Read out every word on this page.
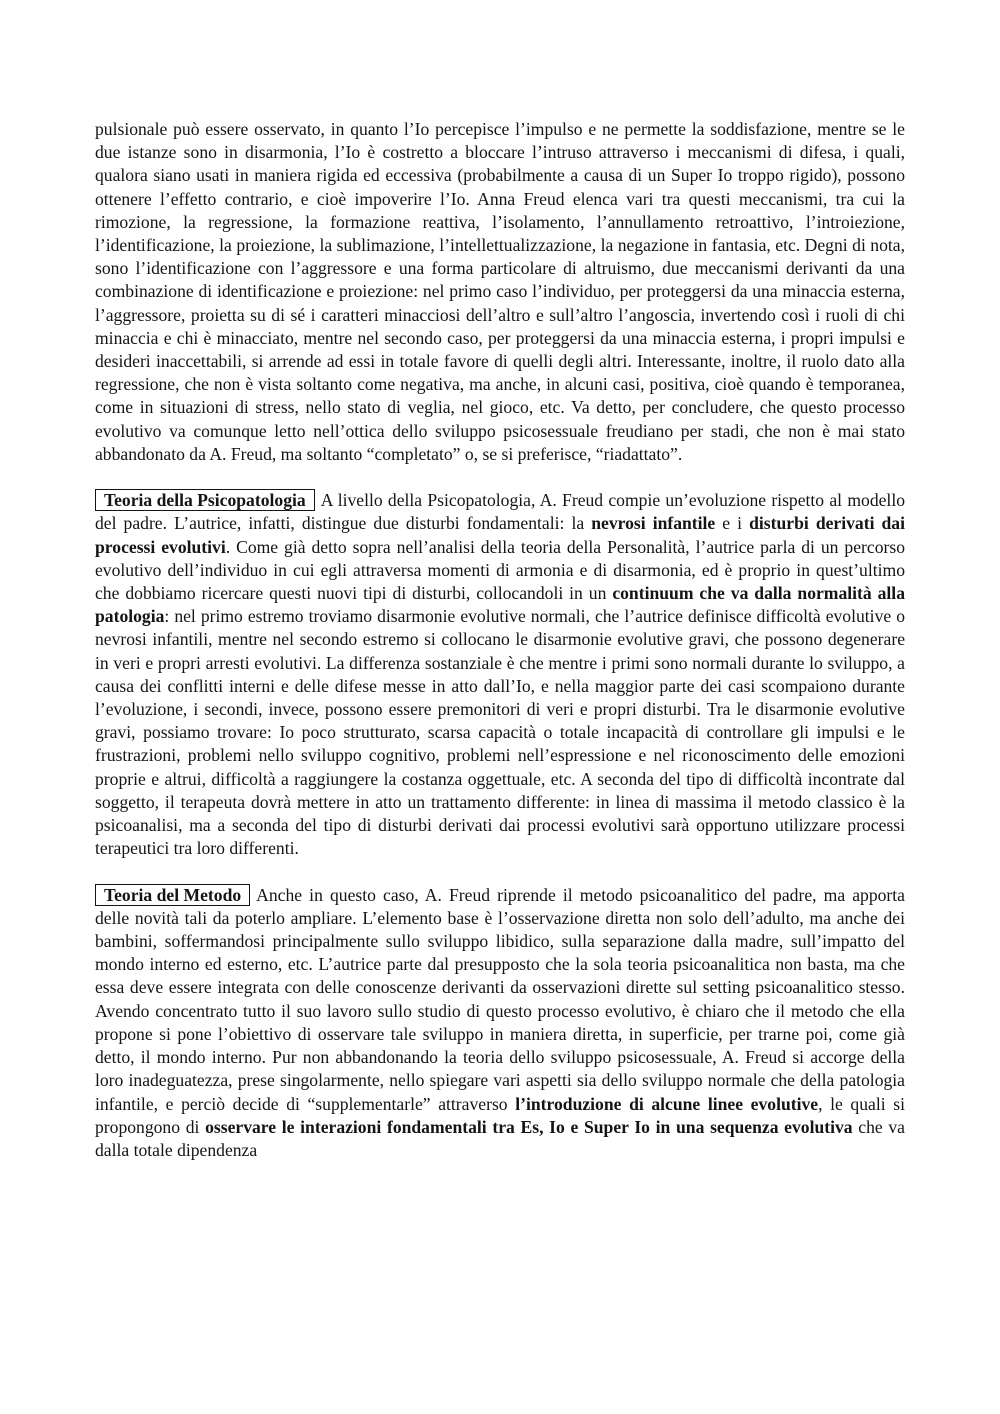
pulsionale può essere osservato, in quanto l’Io percepisce l’impulso e ne permette la soddisfazione, mentre se le due istanze sono in disarmonia, l’Io è costretto a bloccare l’intruso attraverso i meccanismi di difesa, i quali, qualora siano usati in maniera rigida ed eccessiva (probabilmente a causa di un Super Io troppo rigido), possono ottenere l’effetto contrario, e cioè impoverire l’Io. Anna Freud elenca vari tra questi meccanismi, tra cui la rimozione, la regressione, la formazione reattiva, l’isolamento, l’annullamento retroattivo, l’introiezione, l’identificazione, la proiezione, la sublimazione, l’intellettualizzazione, la negazione in fantasia, etc. Degni di nota, sono l’identificazione con l’aggressore e una forma particolare di altruismo, due meccanismi derivanti da una combinazione di identificazione e proiezione: nel primo caso l’individuo, per proteggersi da una minaccia esterna, l’aggressore, proietta su di sé i caratteri minacciosi dell’altro e sull’altro l’angoscia, invertendo così i ruoli di chi minaccia e chi è minacciato, mentre nel secondo caso, per proteggersi da una minaccia esterna, i propri impulsi e desideri inaccettabili, si arrende ad essi in totale favore di quelli degli altri. Interessante, inoltre, il ruolo dato alla regressione, che non è vista soltanto come negativa, ma anche, in alcuni casi, positiva, cioè quando è temporanea, come in situazioni di stress, nello stato di veglia, nel gioco, etc. Va detto, per concludere, che questo processo evolutivo va comunque letto nell’ottica dello sviluppo psicosessuale freudiano per stadi, che non è mai stato abbandonato da A. Freud, ma soltanto “completato” o, se si preferisce, “riadattato”.

Teoria della Psicopatologia A livello della Psicopatologia, A. Freud compie un’evoluzione rispetto al modello del padre. L’autrice, infatti, distingue due disturbi fondamentali: la nevrosi infantile e i disturbi derivati dai processi evolutivi. Come già detto sopra nell’analisi della teoria della Personalità, l’autrice parla di un percorso evolutivo dell’individuo in cui egli attraversa momenti di armonia e di disarmonia, ed è proprio in quest’ultimo che dobbiamo ricercare questi nuovi tipi di disturbi, collocandoli in un continuum che va dalla normalità alla patologia: nel primo estremo troviamo disarmonie evolutive normali, che l’autrice definisce difficoltà evolutive o nevrosi infantili, mentre nel secondo estremo si collocano le disarmonie evolutive gravi, che possono degenerare in veri e propri arresti evolutivi. La differenza sostanziale è che mentre i primi sono normali durante lo sviluppo, a causa dei conflitti interni e delle difese messe in atto dall’Io, e nella maggior parte dei casi scompaiono durante l’evoluzione, i secondi, invece, possono essere premonitori di veri e propri disturbi. Tra le disarmonie evolutive gravi, possiamo trovare: Io poco strutturato, scarsa capacità o totale incapacità di controllare gli impulsi e le frustrazioni, problemi nello sviluppo cognitivo, problemi nell’espressione e nel riconoscimento delle emozioni proprie e altrui, difficoltà a raggiungere la costanza oggettuale, etc. A seconda del tipo di difficoltà incontrate dal soggetto, il terapeuta dovrà mettere in atto un trattamento differente: in linea di massima il metodo classico è la psicoanalisi, ma a seconda del tipo di disturbi derivati dai processi evolutivi sarà opportuno utilizzare processi terapeutici tra loro differenti.

Teoria del Metodo Anche in questo caso, A. Freud riprende il metodo psicoanalitico del padre, ma apporta delle novità tali da poterlo ampliare. L’elemento base è l’osservazione diretta non solo dell’adulto, ma anche dei bambini, soffermandosi principalmente sullo sviluppo libidico, sulla separazione dalla madre, sull’impatto del mondo interno ed esterno, etc. L’autrice parte dal presupposto che la sola teoria psicoanalitica non basta, ma che essa deve essere integrata con delle conoscenze derivanti da osservazioni dirette sul setting psicoanalitico stesso. Avendo concentrato tutto il suo lavoro sullo studio di questo processo evolutivo, è chiaro che il metodo che ella propone si pone l’obiettivo di osservare tale sviluppo in maniera diretta, in superficie, per trarne poi, come già detto, il mondo interno. Pur non abbandonando la teoria dello sviluppo psicosessuale, A. Freud si accorge della loro inadeguatezza, prese singolarmente, nello spiegare vari aspetti sia dello sviluppo normale che della patologia infantile, e perciò decide di “supplementarle” attraverso l’introduzione di alcune linee evolutive, le quali si propongono di osservare le interazioni fondamentali tra Es, Io e Super Io in una sequenza evolutiva che va dalla totale dipendenza
